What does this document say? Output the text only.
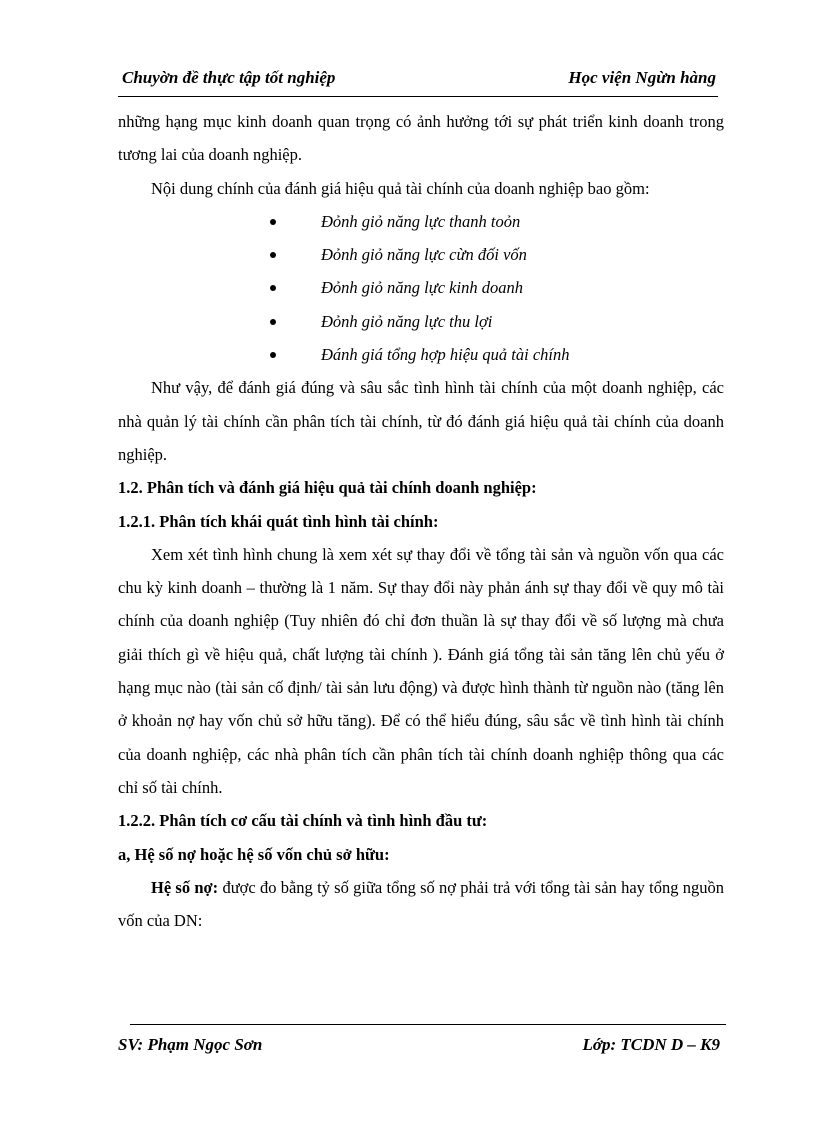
Chuyờn đề thực tập tốt nghiệp	Học viện Ngừn hàng

những hạng mục kinh doanh quan trọng có ảnh hưởng tới sự phát triển kinh doanh trong tương lai của doanh nghiệp.

Nội dung chính của đánh giá hiệu quả tài chính của doanh nghiệp bao gồm:

Đỏnh giỏ năng lực thanh toỏn
Đỏnh giỏ năng lực cừn đối vốn
Đỏnh giỏ năng lực kinh doanh
Đỏnh giỏ năng lực thu lợi
Đánh giá tổng hợp hiệu quả tài chính

Như vậy, để đánh giá đúng và sâu sắc tình hình tài chính của một doanh nghiệp, các nhà quản lý tài chính cần phân tích tài chính, từ đó đánh giá hiệu quả tài chính của doanh nghiệp.

1.2. Phân tích và đánh giá hiệu quả tài chính doanh nghiệp:

1.2.1. Phân tích khái quát tình hình tài chính:

Xem xét tình hình chung là xem xét sự thay đổi về tổng tài sản và nguồn vốn qua các chu kỳ kinh doanh – thường là 1 năm. Sự thay đổi này phản ánh sự thay đổi về quy mô tài chính của doanh nghiệp (Tuy nhiên đó chỉ đơn thuần là sự thay đổi về số lượng mà chưa giải thích gì về hiệu quả, chất lượng tài chính ). Đánh giá tổng tài sản tăng lên chủ yếu ở hạng mục nào (tài sản cố định/ tài sản lưu động) và được hình thành từ nguồn nào (tăng lên ở khoản nợ hay vốn chủ sở hữu tăng). Để có thể hiểu đúng, sâu sắc về tình hình tài chính của doanh nghiệp, các nhà phân tích cần phân tích tài chính doanh nghiệp thông qua các chỉ số tài chính.

1.2.2. Phân tích cơ cấu tài chính và tình hình đầu tư:

a, Hệ số nợ hoặc hệ số vốn chủ sở hữu:

Hệ số nợ: được đo bằng tỷ số giữa tổng số nợ phải trả với tổng tài sản hay tổng nguồn vốn của DN:

SV: Phạm Ngọc Sơn	Lớp: TCDN D – K9
